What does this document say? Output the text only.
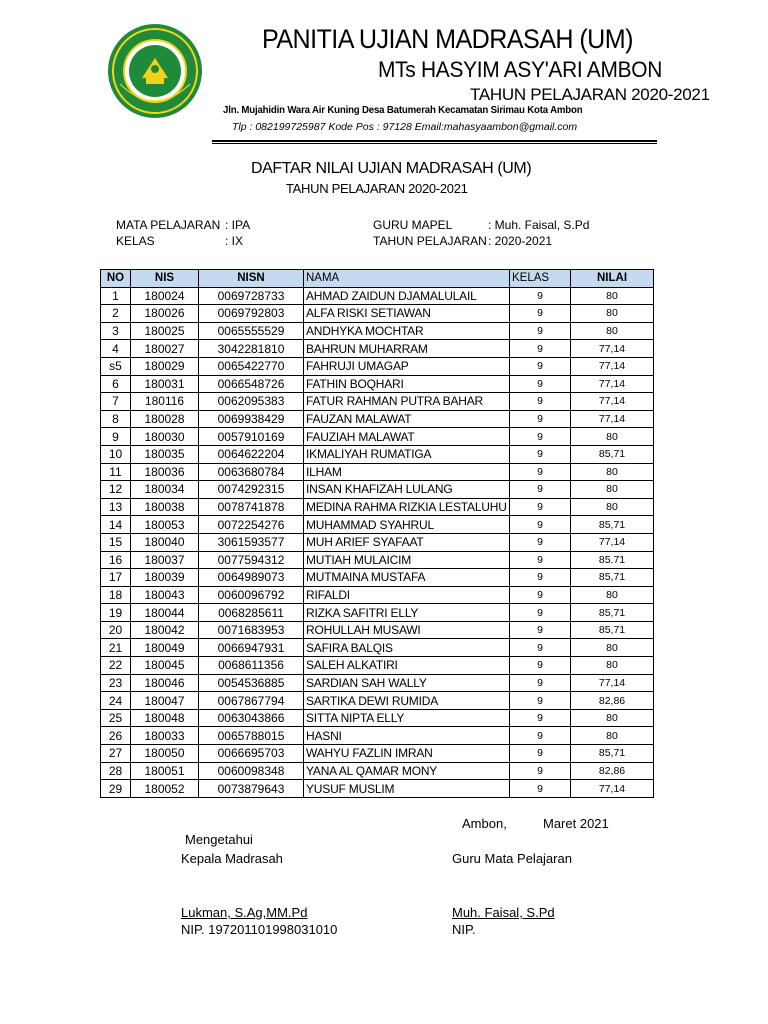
PANITIA UJIAN MADRASAH (UM)
MTs HASYIM ASY'ARI AMBON
TAHUN PELAJARAN 2020-2021
Jln. Mujahidin Wara Air Kuning Desa Batumerah Kecamatan Sirimau Kota Ambon
Tlp : 082199725987 Kode Pos : 97128 Email:mahasyaambon@gmail.com
DAFTAR NILAI UJIAN MADRASAH (UM)
TAHUN PELAJARAN 2020-2021
MATA PELAJARAN : IPA
KELAS	: IX
GURU MAPEL	: Muh. Faisal, S.Pd
TAHUN PELAJARAN : 2020-2021
NO	NIS	NISN	NAMA	KELAS	NILAI
1	180024	0069728733	AHMAD ZAIDUN DJAMALULAIL	9	80
2	180026	0069792803	ALFA RISKI SETIAWAN	9	80
3	180025	0065555529	ANDHYKA MOCHTAR	9	80
4	180027	3042281810	BAHRUN MUHARRAM	9	77,14
s5	180029	0065422770	FAHRUJI UMAGAP	9	77,14
6	180031	0066548726	FATHIN BOQHARI	9	77,14
7	180116	0062095383	FATUR RAHMAN PUTRA BAHAR	9	77,14
8	180028	0069938429	FAUZAN MALAWAT	9	77,14
9	180030	0057910169	FAUZIAH MALAWAT	9	80
10	180035	0064622204	IKMALIYAH RUMATIGA	9	85,71
11	180036	0063680784	ILHAM	9	80
12	180034	0074292315	INSAN KHAFIZAH LULANG	9	80
13	180038	0078741878	MEDINA RAHMA RIZKIA LESTALUHU	9	80
14	180053	0072254276	MUHAMMAD SYAHRUL	9	85,71
15	180040	3061593577	MUH ARIEF SYAFAAT	9	77,14
16	180037	0077594312	MUTIAH MULAICIM	9	85.71
17	180039	0064989073	MUTMAINA MUSTAFA	9	85,71
18	180043	0060096792	RIFALDI	9	80
19	180044	0068285611	RIZKA SAFITRI ELLY	9	85,71
20	180042	0071683953	ROHULLAH MUSAWI	9	85,71
21	180049	0066947931	SAFIRA BALQIS	9	80
22	180045	0068611356	SALEH ALKATIRI	9	80
23	180046	0054536885	SARDIAN SAH WALLY	9	77,14
24	180047	0067867794	SARTIKA DEWI RUMIDA	9	82,86
25	180048	0063043866	SITTA NIPTA ELLY	9	80
26	180033	0065788015	HASNI	9	80
27	180050	0066695703	WAHYU FAZLIN IMRAN	9	85,71
28	180051	0060098348	YANA AL QAMAR MONY	9	82,86
29	180052	0073879643	YUSUF MUSLIM	9	77,14
Ambon,	Maret 2021
Mengetahui
Kepala Madrasah	Guru Mata Pelajaran
Lukman, S.Ag,MM.Pd	Muh. Faisal, S.Pd
NIP. 197201101998031010	NIP.
